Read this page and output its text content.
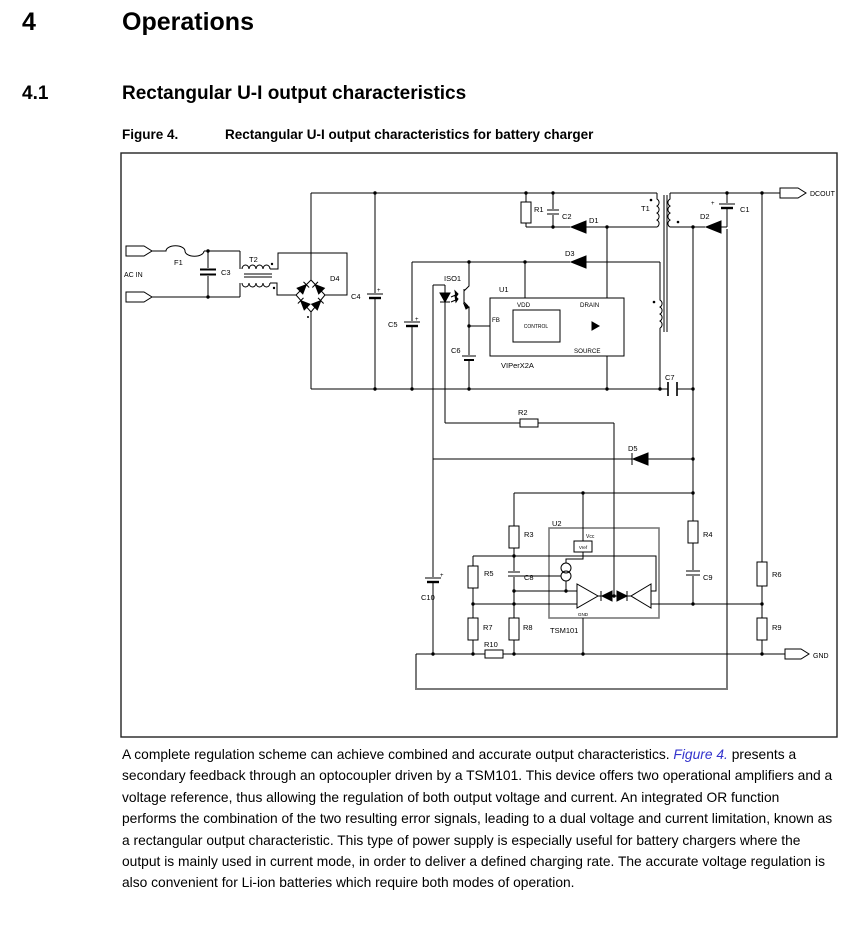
4	Operations
4.1	Rectangular U-I output characteristics
Figure 4.	Rectangular U-I output characteristics for battery charger
AC IN
F1
C3
T2
D4
C4
+
C5	+
ISO1
C6
U1
VDD
FB
CONTROL
DRAIN
SOURCE
VIPerX2A
R1
C2 D1
D3
T1
D2
C1
+
DCOUT
C7
R2
D5
R3	R4
R5	C8	C9
C10
+	R6
R7	R8	R9
R10
U2
Vcc
Vref
GND
TSM101
GND
A complete regulation scheme can achieve combined and accurate output characteristics. Figure 4. presents a secondary feedback through an optocoupler driven by a TSM101. This device offers two operational amplifiers and a voltage reference, thus allowing the regulation of both output voltage and current. An integrated OR function performs the combination of the two resulting error signals, leading to a dual voltage and current limitation, known as a rectangular output characteristic. This type of power supply is especially useful for battery chargers where the output is mainly used in current mode, in order to deliver a defined charging rate. The accurate voltage regulation is also convenient for Li-ion batteries which require both modes of operation.
